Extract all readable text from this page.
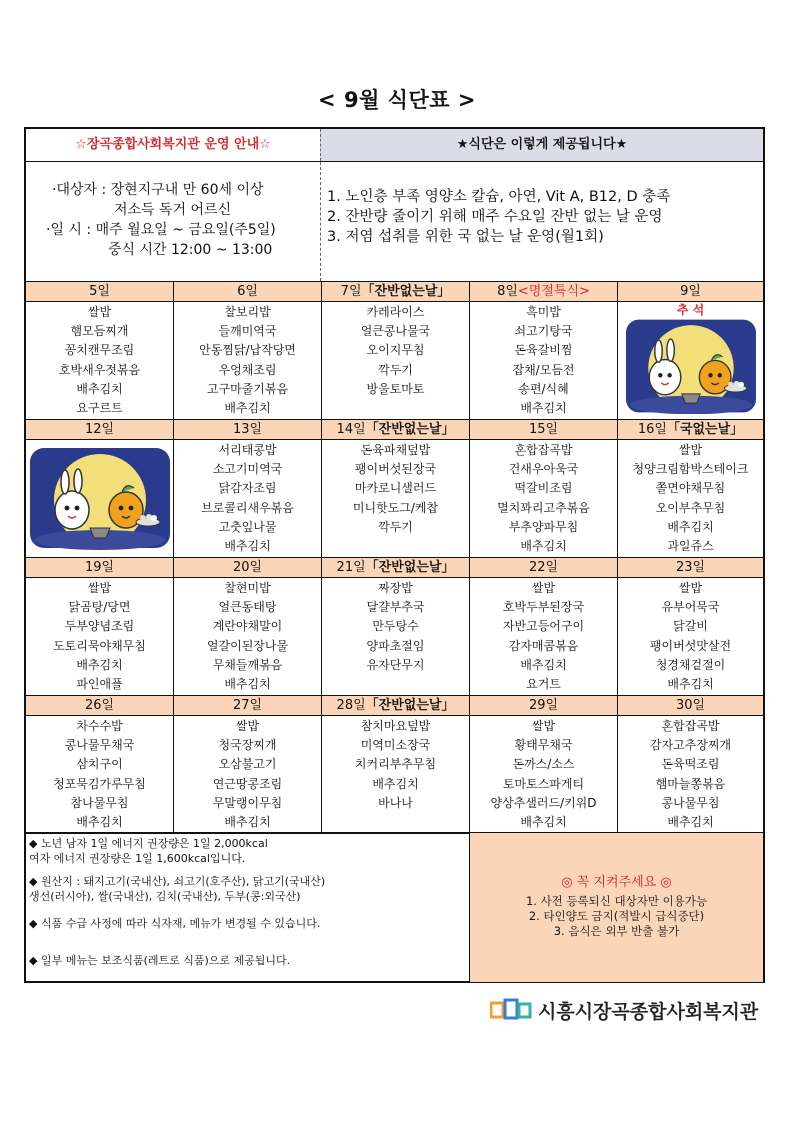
< 9월 식단표 >
☆장곡종합사회복지관 운영 안내☆	★식단은 이렇게 제공됩니다★
·대상자 : 장현지구내 만 60세 이상
저소득 독거 어르신
·일 시 : 매주 월요일 ~ 금요일(주5일)
중식 시간 12:00 ~ 13:00
1. 노인층 부족 영양소 칼슘, 아연, Vit A, B12, D 충족
2. 잔반량 줄이기 위해 매주 수요일 잔반 없는 날 운영
3. 저염 섭취를 위한 국 없는 날 운영(월1회)
5일
쌀밥
햄모듬찌개
꽁치캔무조림
호박새우젓볶음
배추김치
요구르트
6일
찰보리밥
들깨미역국
안동찜닭/납작당면
우엉채조림
고구마줄기볶음
배추김치
7일「잔반없는날」
카레라이스
얼큰콩나물국
오이지무침
깍두기
방울토마토
8일<명절특식>
흑미밥
쇠고기탕국
돈육갈비찜
잡채/모듬전
송편/식혜
배추김치
9일
추 석
12일	13일
서리태콩밥
소고기미역국
닭감자조림
브로콜리새우볶음
고춧잎나물
배추김치
14일「잔반없는날」
돈육파채덮밥
팽이버섯된장국
마카로니샐러드
미니핫도그/케찹
깍두기
15일
혼합잡곡밥
건새우아욱국
떡갈비조림
멸치꽈리고추볶음
부추양파무침
배추김치
16일「국없는날」
쌀밥
청양크림함박스테이크
쫄면야채무침
오이부추무침
배추김치
과일쥬스
19일
쌀밥
닭곰탕/당면
두부양념조림
도토리묵야채무침
배추김치
파인애플
20일
찰현미밥
얼큰동태탕
계란야채말이
얼갈이된장나물
무채들깨볶음
배추김치
21일「잔반없는날」
짜장밥
달걀부추국
만두탕수
양파초절임
유자단무지
22일
쌀밥
호박두부된장국
자반고등어구이
감자매콤볶음
배추김치
요거트
23일
쌀밥
유부어묵국
닭갈비
팽이버섯맛살전
청경채겉절이
배추김치
26일
차수수밥
콩나물무채국
삼치구이
청포묵김가루무침
참나물무침
배추김치
27일
쌀밥
청국장찌개
오삼불고기
연근땅콩조림
무말랭이무침
배추김치
28일「잔반없는날」
참치마요덮밥
미역미소장국
치커리부추무침
배추김치
바나나
29일
쌀밥
황태무채국
돈까스/소스
토마토스파게티
양상추샐러드/키위D
배추김치
30일
혼합잡곡밥
감자고추장찌개
돈육떡조림
햄마늘쫑볶음
콩나물무침
배추김치

◆ 노년 남자 1일 에너지 권장량은 1일 2,000kcal

여자 에너지 권장량은 1일 1,600kcal입니다.

◆ 원산지 : 돼지고기(국내산), 쇠고기(호주산), 닭고기(국내산)

생선(러시아), 쌀(국내산), 김치(국내산), 두부(콩:외국산)

◆ 식품 수급 사정에 따라 식자재, 메뉴가 변경될 수 있습니다.

◆ 일부 메뉴는 보조식품(레트로 식품)으로 제공됩니다.

◎ 꼭 지켜주세요 ◎
1. 사전 등록되신 대상자만 이용가능
2. 타인양도 금지(적발시 급식중단)
3. 음식은 외부 반출 불가
시흥시장곡종합사회복지관
